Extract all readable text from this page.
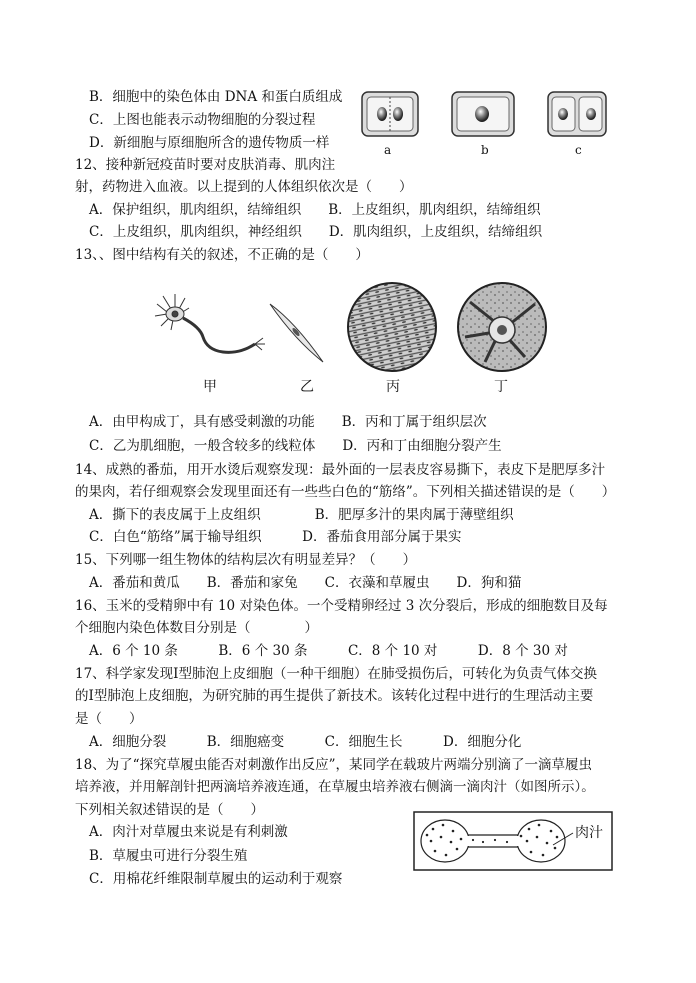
B．细胞中的染色体由 DNA 和蛋白质组成
C．上图也能表示动物细胞的分裂过程
D．新细胞与原细胞所含的遗传物质一样
12、接种新冠疫苗时要对皮肤消毒、肌肉注
射，药物进入血液。以上提到的人体组织依次是（　　）
A．保护组织，肌肉组织，结缔组织　　B．上皮组织，肌肉组织，结缔组织
C．上皮组织，肌肉组织，神经组织　　D．肌肉组织，上皮组织，结缔组织
13、、图中结构有关的叙述，不正确的是（　　）
A．由甲构成丁，具有感受刺激的功能　　B．丙和丁属于组织层次
C．乙为肌细胞，一般含较多的线粒体　　D．丙和丁由细胞分裂产生
14、成熟的番茄，用开水烫后观察发现：最外面的一层表皮容易撕下，表皮下是肥厚多汁
的果肉，若仔细观察会发现里面还有一些些白色的“筋络”。下列相关描述错误的是（　　）
A．撕下的表皮属于上皮组织　　　　B．肥厚多汁的果肉属于薄壁组织
C．白色“筋络”属于输导组织　　　D．番茄食用部分属于果实
15、下列哪一组生物体的结构层次有明显差异？（　　）
A．番茄和黄瓜　　B．番茄和家兔　　C．衣藻和草履虫　　D．狗和猫
16、玉米的受精卵中有 10 对染色体。一个受精卵经过 3 次分裂后，形成的细胞数目及每
个细胞内染色体数目分别是（　　　　）
A．6 个 10 条　　　B．6 个 30 条　　　C．8 个 10 对　　　D．8 个 30 对
17、科学家发现Ⅰ型肺泡上皮细胞（一种干细胞）在肺受损伤后，可转化为负责气体交换
的Ⅰ型肺泡上皮细胞，为研究肺的再生提供了新技术。该转化过程中进行的生理活动主要
是（　　）
A．细胞分裂　　　B．细胞癌变　　　C．细胞生长　　　D．细胞分化
18、为了“探究草履虫能否对刺激作出反应”，某同学在载玻片两端分别滴了一滴草履虫
培养液，并用解剖针把两滴培养液连通，在草履虫培养液右侧滴一滴肉汁（如图所示）。
下列相关叙述错误的是（　　）
A．肉汁对草履虫来说是有利刺激
B．草履虫可进行分裂生殖
C．用棉花纤维限制草履虫的运动利于观察
a	b	c
甲	乙	丙	丁
肉汁
